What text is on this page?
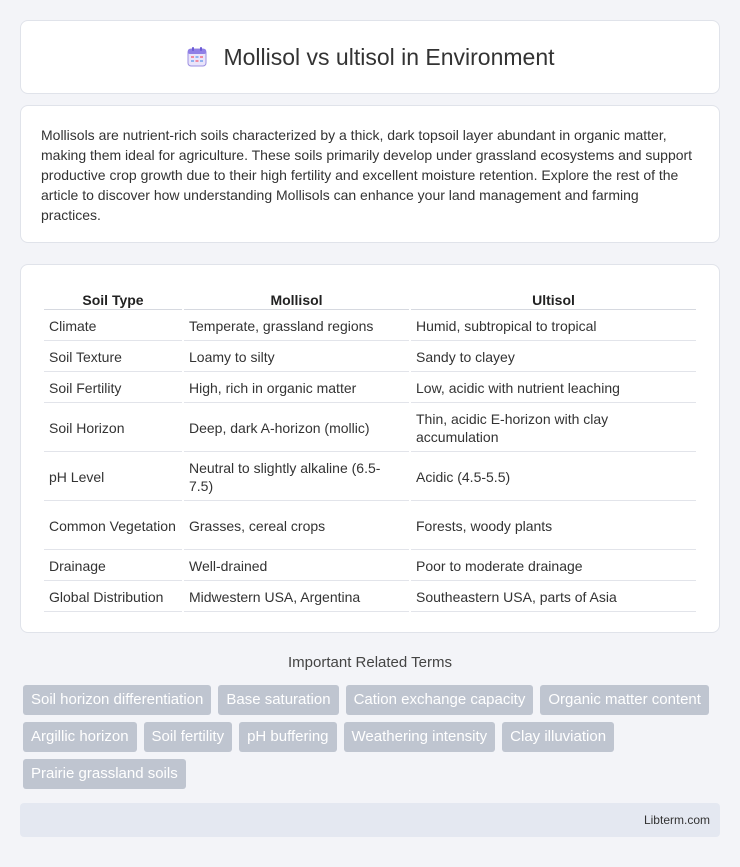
Mollisol vs ultisol in Environment

Mollisols are nutrient-rich soils characterized by a thick, dark topsoil layer abundant in organic matter, making them ideal for agriculture. These soils primarily develop under grassland ecosystems and support productive crop growth due to their high fertility and excellent moisture retention. Explore the rest of the article to discover how understanding Mollisols can enhance your land management and farming practices.

Soil Type	Mollisol	Ultisol
Climate	Temperate, grassland regions	Humid, subtropical to tropical
Soil Texture	Loamy to silty	Sandy to clayey
Soil Fertility	High, rich in organic matter	Low, acidic with nutrient leaching
Soil Horizon	Deep, dark A-horizon (mollic)	Thin, acidic E-horizon with clay accumulation
pH Level	Neutral to slightly alkaline (6.5-7.5)	Acidic (4.5-5.5)
Common Vegetation	Grasses, cereal crops	Forests, woody plants
Drainage	Well-drained	Poor to moderate drainage
Global Distribution	Midwestern USA, Argentina	Southeastern USA, parts of Asia
Important Related Terms
Soil horizon differentiation	Base saturation	Cation exchange capacity	Organic matter content
Argillic horizon	Soil fertility	pH buffering	Weathering intensity	Clay illuviation
Prairie grassland soils
Libterm.com
